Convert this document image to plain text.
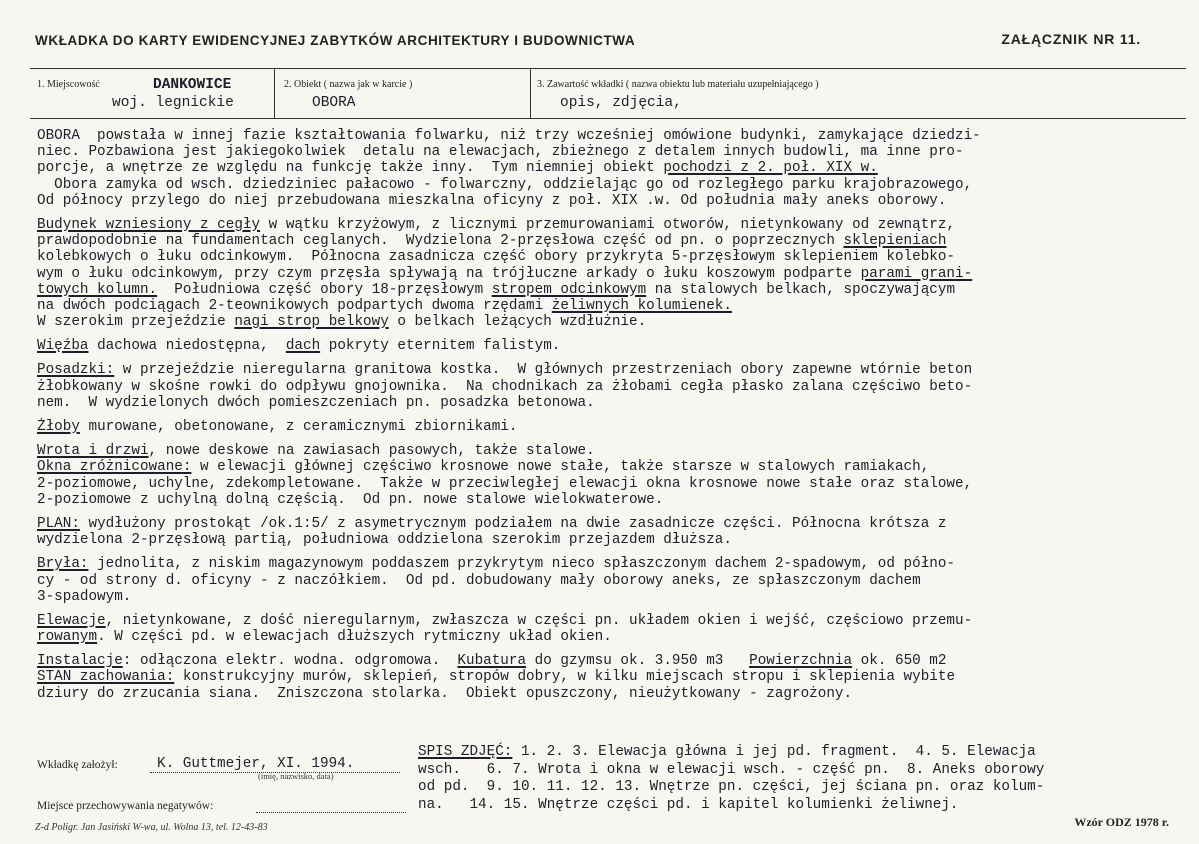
WKŁADKA DO KARTY EWIDENCYJNEJ ZABYTKÓW ARCHITEKTURY I BUDOWNICTWA	ZAŁĄCZNIK NR 11.
1. Miejscowość	DANKOWICE
woj. legnickie
2. Obiekt ( nazwa jak w karcie )
OBORA
3. Zawartość wkładki ( nazwa obiektu lub materiału uzupełniającego )
opis, zdjęcia,
OBORA  powstała w innej fazie kształtowania folwarku, niż trzy wcześniej omówione budynki, zamykające dziedzi-
niec. Pozbawiona jest jakiegokolwiek  detalu na elewacjach, zbieżnego z detalem innych budowli, ma inne pro-
porcje, a wnętrze ze względu na funkcję także inny.  Tym niemniej obiekt pochodzi z 2. poł. XIX w.
Obora zamyka od wsch. dziedziniec pałacowo - folwarczny, oddzielając go od rozległego parku krajobrazowego,
Od północy przylego do niej przebudowana mieszkalna oficyny z poł. XIX .w. Od południa mały aneks oborowy.
Budynek wzniesiony z cegły w wątku krzyżowym, z licznymi przemurowaniami otworów, nietynkowany od zewnątrz,
prawdopodobnie na fundamentach ceglanych.  Wydzielona 2-przęsłowa część od pn. o poprzecznych sklepieniach
kolebkowych o łuku odcinkowym.  Północna zasadnicza część obory przykryta 5-przęsłowym sklepieniem kolebko-
wym o łuku odcinkowym, przy czym przęsła spływają na trójłuczne arkady o łuku koszowym podparte parami grani-
towych kolumn.  Południowa część obory 18-przęsłowym stropem odcinkowym na stalowych belkach, spoczywającym
na dwóch podciągach 2-teownikowych podpartych dwoma rzędami żeliwnych kolumienek.
W szerokim przejeździe nagi strop belkowy o belkach leżących wzdłużnie.
Więźba dachowa niedostępna,  dach pokryty eternitem falistym.
Posadzki: w przejeździe nieregularna granitowa kostka.  W głównych przestrzeniach obory zapewne wtórnie beton
żłobkowany w skośne rowki do odpływu gnojownika.  Na chodnikach za żłobami cegła płasko zalana częściwo beto-
nem.  W wydzielonych dwóch pomieszczeniach pn. posadzka betonowa.
Żłoby murowane, obetonowane, z ceramicznymi zbiornikami.
Wrota i drzwi, nowe deskowe na zawiasach pasowych, także stalowe.
Okna zróżnicowane: w elewacji głównej częściwo krosnowe nowe stałe, także starsze w stalowych ramiakach,
2-poziomowe, uchylne, zdekompletowane.  Także w przeciwległej elewacji okna krosnowe nowe stałe oraz stalowe,
2-poziomowe z uchylną dolną częścią.  Od pn. nowe stalowe wielokwaterowe.
PLAN: wydłużony prostokąt /ok.1:5/ z asymetrycznym podziałem na dwie zasadnicze części. Północna krótsza z
wydzielona 2-przęsłową partią, południowa oddzielona szerokim przejazdem dłuższa.
Bryła: jednolita, z niskim magazynowym poddaszem przykrytym nieco spłaszczonym dachem 2-spadowym, od półno-
cy - od strony d. oficyny - z naczółkiem.  Od pd. dobudowany mały oborowy aneks, ze spłaszczonym dachem
3-spadowym.
Elewacje, nietynkowane, z dość nieregularnym, zwłaszcza w części pn. układem okien i wejść, częściowo przemu-
rowanym. W części pd. w elewacjach dłuższych rytmiczny układ okien.
Instalacje: odłączona elektr. wodna. odgromowa.  Kubatura do gzymsu ok. 3.950 m3   Powierzchnia ok. 650 m2
STAN zachowania: konstrukcyjny murów, sklepień, stropów dobry, w kilku miejscach stropu i sklepienia wybite
dziury do zrzucania siana.  Zniszczona stolarka.  Obiekt opuszczony, nieużytkowany - zagrożony.
Wkładkę założył:	K. Guttmejer, XI. 1994.
(imię, nazwisko, data)
Miejsce przechowywania negatywów:
SPIS ZDJĘĆ: 1. 2. 3. Elewacja główna i jej pd. fragment.  4. 5. Elewacja
wsch.   6. 7. Wrota i okna w elewacji wsch. - część pn.  8. Aneks oborowy
od pd.  9. 10. 11. 12. 13. Wnętrze pn. części, jej ściana pn. oraz kolum-
na.   14. 15. Wnętrze części pd. i kapitel kolumienki żeliwnej.
Z-d Poligr. Jan Jasiński W-wa, ul. Wolna 13, tel. 12-43-83	Wzór ODZ 1978 r.
